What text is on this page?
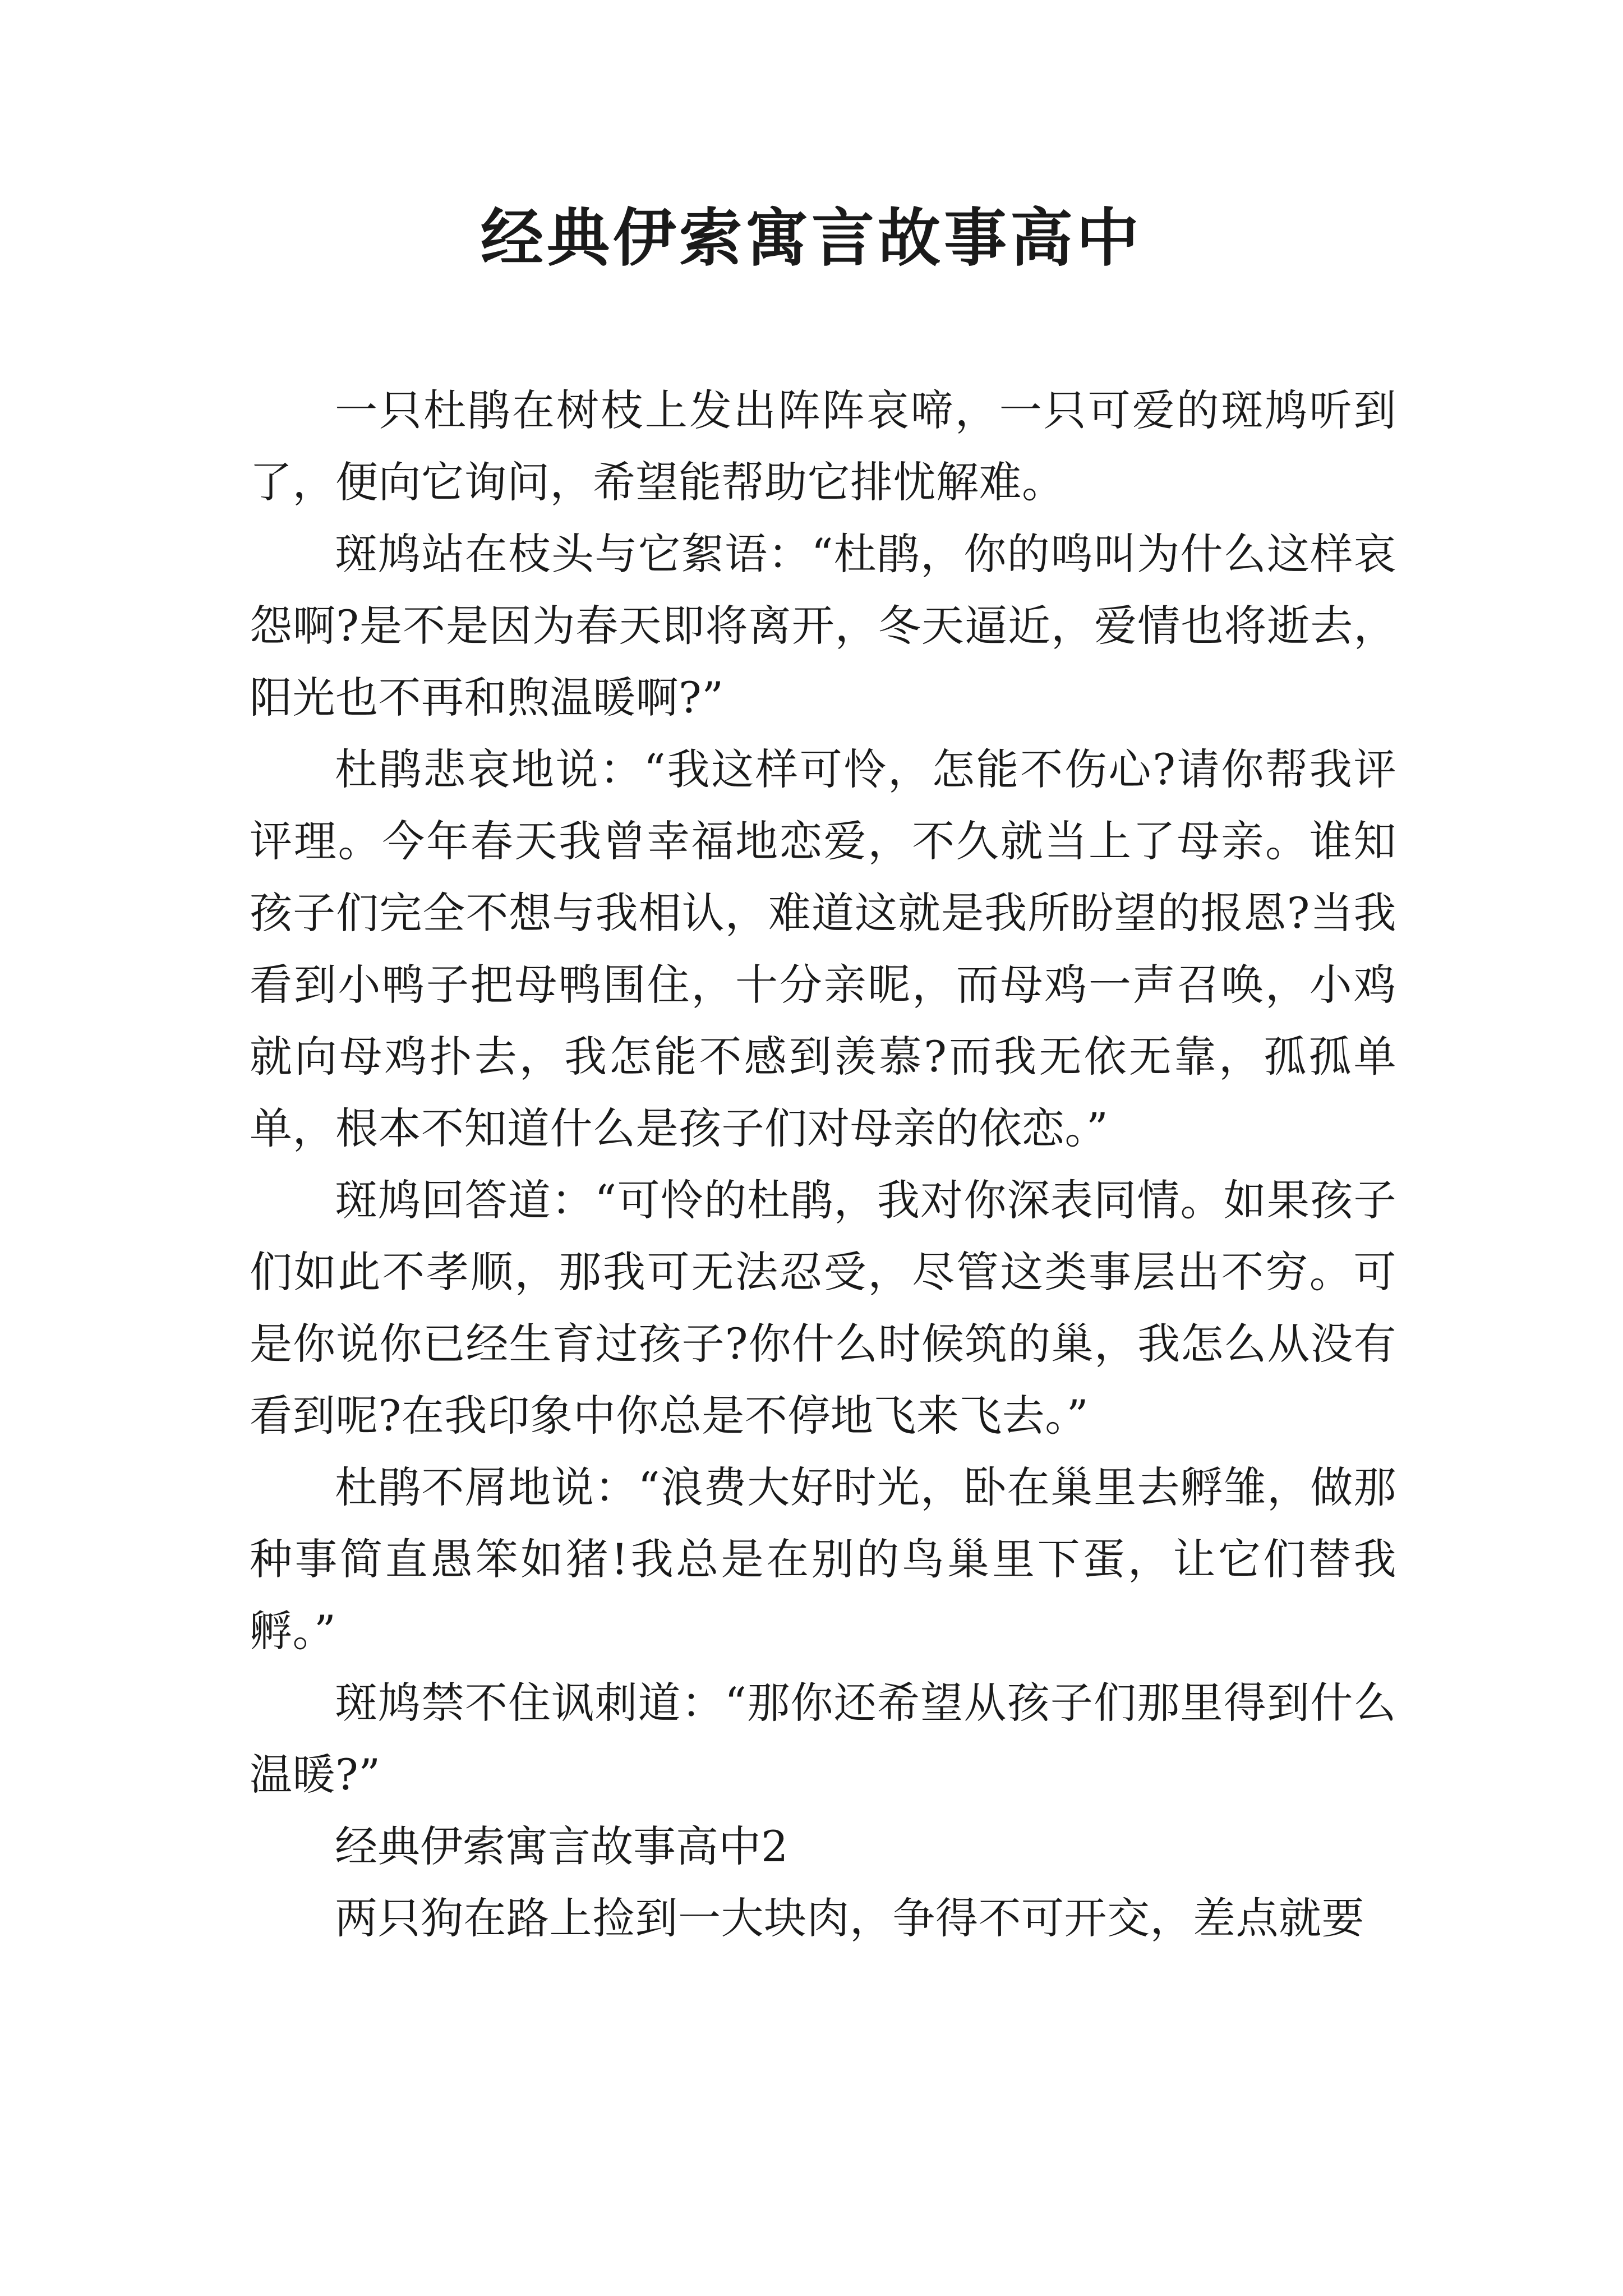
经典伊索寓言故事高中

一只杜鹃在树枝上发出阵阵哀啼，一只可爱的斑鸠听到了，便向它询问，希望能帮助它排忧解难。

斑鸠站在枝头与它絮语：“杜鹃，你的鸣叫为什么这样哀怨啊?是不是因为春天即将离开，冬天逼近，爱情也将逝去，阳光也不再和煦温暖啊?”

杜鹃悲哀地说：“我这样可怜，怎能不伤心?请你帮我评评理。今年春天我曾幸福地恋爱，不久就当上了母亲。谁知孩子们完全不想与我相认，难道这就是我所盼望的报恩?当我看到小鸭子把母鸭围住，十分亲昵，而母鸡一声召唤，小鸡就向母鸡扑去，我怎能不感到羡慕?而我无依无靠，孤孤单单，根本不知道什么是孩子们对母亲的依恋。”

斑鸠回答道：“可怜的杜鹃，我对你深表同情。如果孩子们如此不孝顺，那我可无法忍受，尽管这类事层出不穷。可是你说你已经生育过孩子?你什么时候筑的巢，我怎么从没有看到呢?在我印象中你总是不停地飞来飞去。”

杜鹃不屑地说：“浪费大好时光，卧在巢里去孵雏，做那种事简直愚笨如猪!我总是在别的鸟巢里下蛋，让它们替我孵。”

斑鸠禁不住讽刺道：“那你还希望从孩子们那里得到什么温暖?”

经典伊索寓言故事高中2

两只狗在路上捡到一大块肉，争得不可开交，差点就要
